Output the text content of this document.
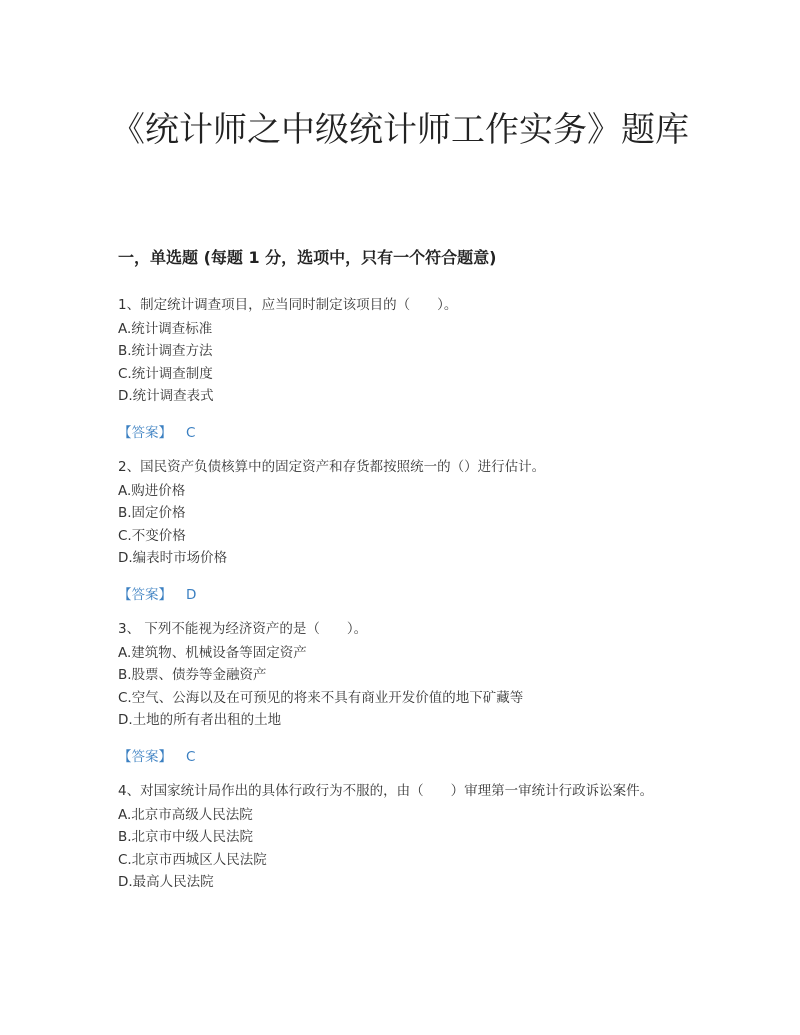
《统计师之中级统计师工作实务》题库
一，单选题 (每题 1 分，选项中，只有一个符合题意)

1、制定统计调查项目，应当同时制定该项目的（　　）。

A.统计调查标准

B.统计调查方法

C.统计调查制度

D.统计调查表式

【答案】 C

2、国民资产负债核算中的固定资产和存货都按照统一的（）进行估计。

A.购进价格

B.固定价格

C.不变价格

D.编表时市场价格

【答案】 D

3、 下列不能视为经济资产的是（　　）。

A.建筑物、机械设备等固定资产

B.股票、债券等金融资产

C.空气、公海以及在可预见的将来不具有商业开发价值的地下矿藏等

D.土地的所有者出租的土地

【答案】 C

4、对国家统计局作出的具体行政行为不服的，由（　　）审理第一审统计行政诉讼案件。

A.北京市高级人民法院

B.北京市中级人民法院

C.北京市西城区人民法院

D.最高人民法院
